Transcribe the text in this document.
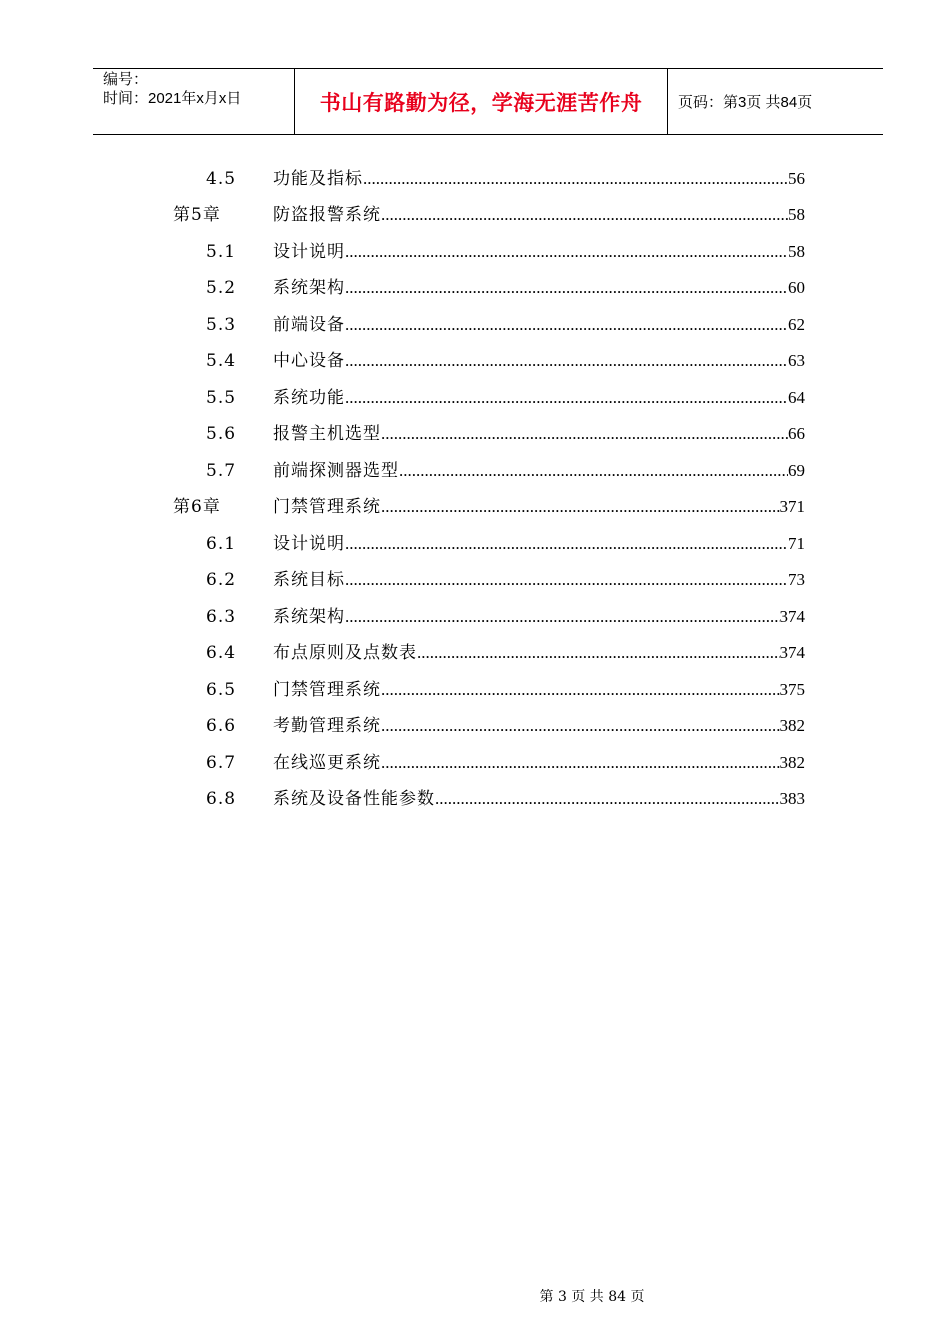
编号：
时间：2021年x月x日	书山有路勤为径，学海无涯苦作舟 页码：第3页 共84页
4.5 功能及指标 .....	56
第5章	防盗报警系统 .....	58
5.1 设计说明 .....	58
5.2 系统架构 .....	60
5.3 前端设备 .....	62
5.4 中心设备 .....	63
5.5 系统功能 .....	64
5.6 报警主机选型 .....	66
5.7 前端探测器选型 .....	69
第6章	门禁管理系统 .....	371
6.1 设计说明 .....	71
6.2 系统目标 .....	73
6.3 系统架构 .....	374
6.4 布点原则及点数表 .....	374
6.5 门禁管理系统 .....	375
6.6 考勤管理系统 .....	382
6.7 在线巡更系统 .....	382
6.8 系统及设备性能参数 .....	383
第 3 页 共 84 页
